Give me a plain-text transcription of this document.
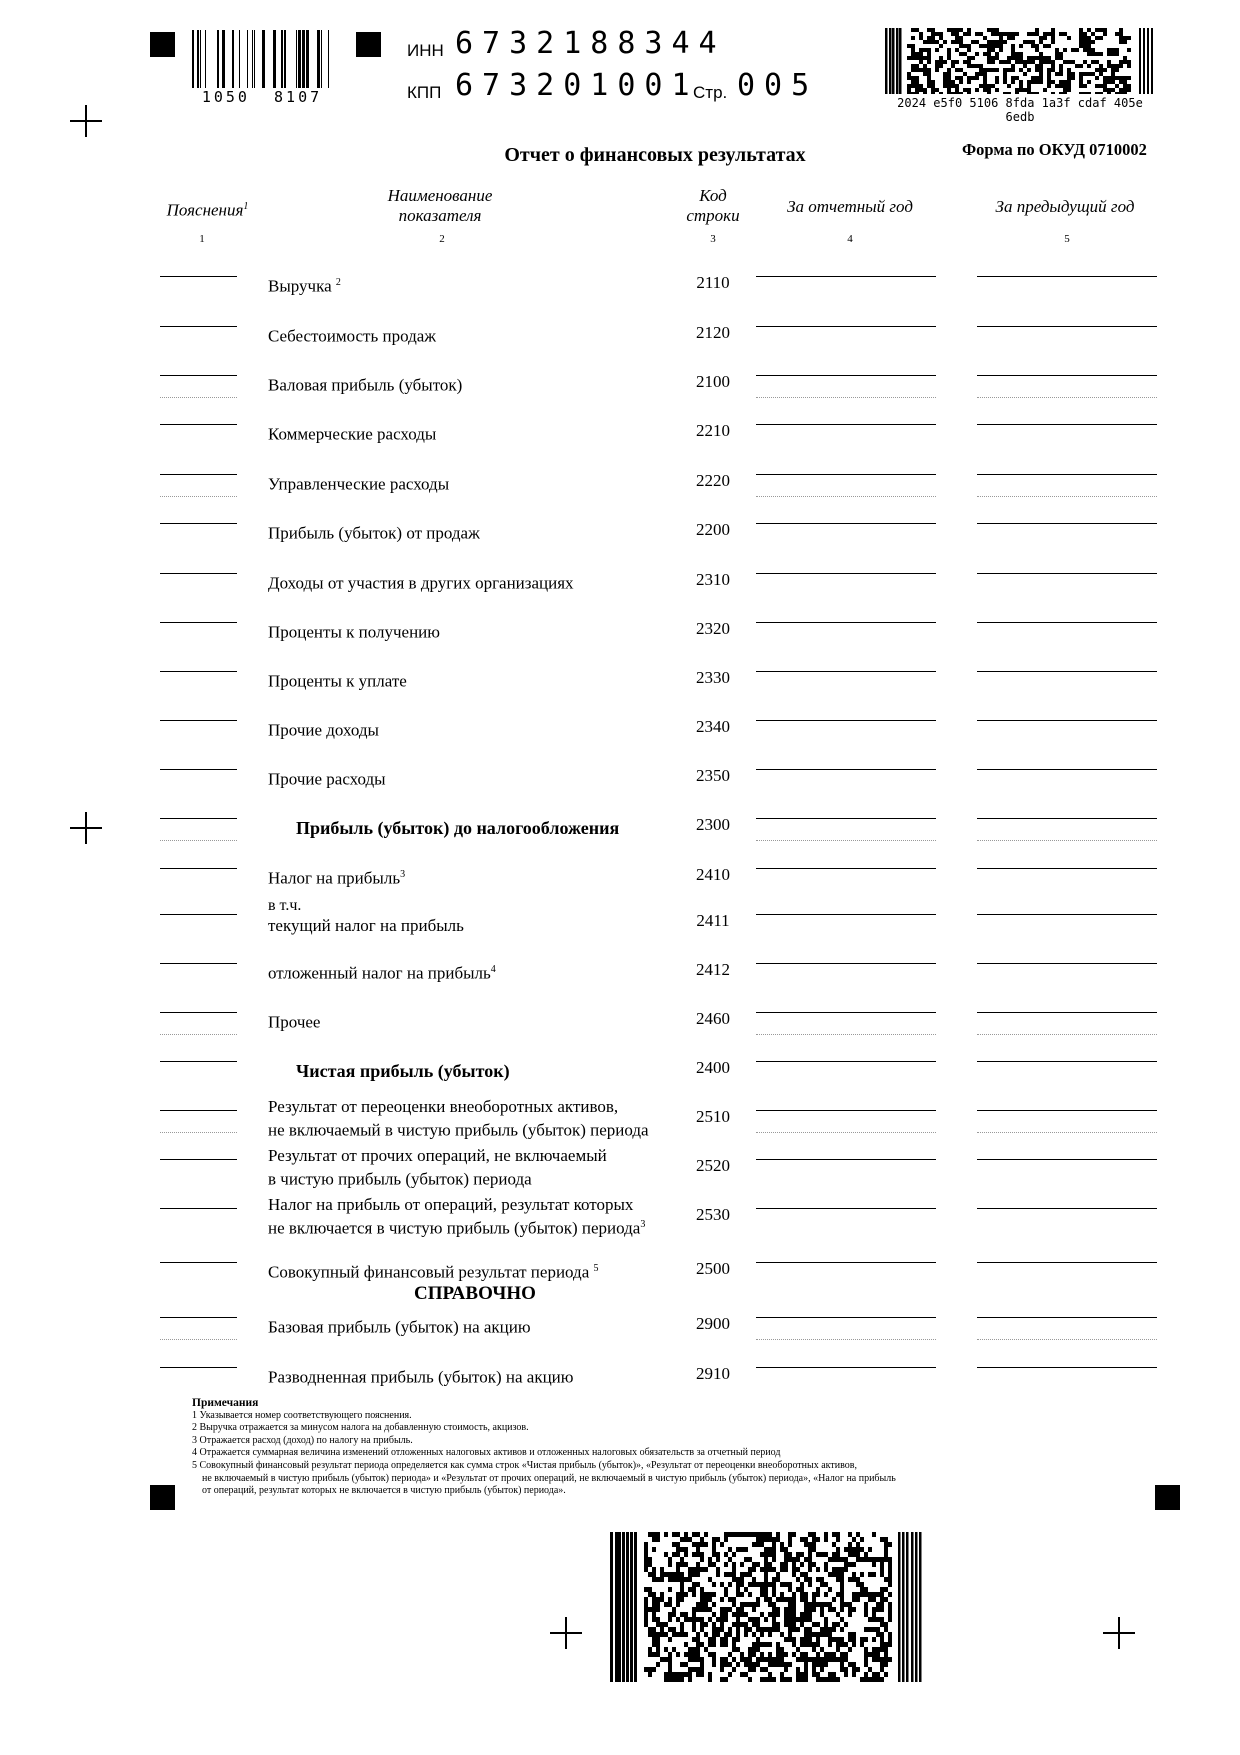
1050  8107
ИНН 6732188344
КПП 673201001
Стр. 005	2024 e5f0 5106 8fda 1a3f cdaf 405e 6edb
Отчет о финансовых результатах	Форма по ОКУД 0710002
Пояснения$^1$
Наименование
показателя
Код
строки	За отчетный год	За предыдущий год
1	2	3	4	5
Выручка $^2$	2110
Себестоимость продаж	2120
Валовая прибыль (убыток)	2100
Коммерческие расходы	2210
Управленческие расходы	2220
Прибыль (убыток) от продаж	2200
Доходы от участия в других организациях	2310
Проценты к получению	2320
Проценты к уплате	2330
Прочие доходы	2340
Прочие расходы	2350
Прибыль (убыток) до налогообложения	2300
Налог на прибыль$^3$	2410
в т.ч.
текущий налог на прибыль	2411
отложенный налог на прибыль$^4$	2412
Прочее	2460
Чистая прибыль (убыток)	2400
Результат от переоценки внеоборотных активов,
не включаемый в чистую прибыль (убыток) периода
2510
Результат от прочих операций, не включаемый
в чистую прибыль (убыток) периода
2520
Налог на прибыль от операций, результат которых
не включается в чистую прибыль (убыток) периода$^3$
2530
Совокупный финансовый результат периода $^5$	2500
Базовая прибыль (убыток) на акцию	2900
Разводненная прибыль (убыток) на акцию	2910
СПРАВОЧНО
Примечания
1 Указывается номер соответствующего пояснения.
2 Выручка отражается за минусом налога на добавленную стоимость, акцизов.
3 Отражается расход (доход) по налогу на прибыль.
4 Отражается суммарная величина изменений отложенных налоговых активов и отложенных налоговых обязательств за отчетный период
5 Совокупный финансовый результат периода определяется как сумма строк «Чистая прибыль (убыток)», «Результат от переоценки внеоборотных активов,
не включаемый в чистую прибыль (убыток) периода» и «Результат от прочих операций, не включаемый в чистую прибыль (убыток) периода», «Налог на прибыль
от операций, результат которых не включается в чистую прибыль (убыток) периода».
